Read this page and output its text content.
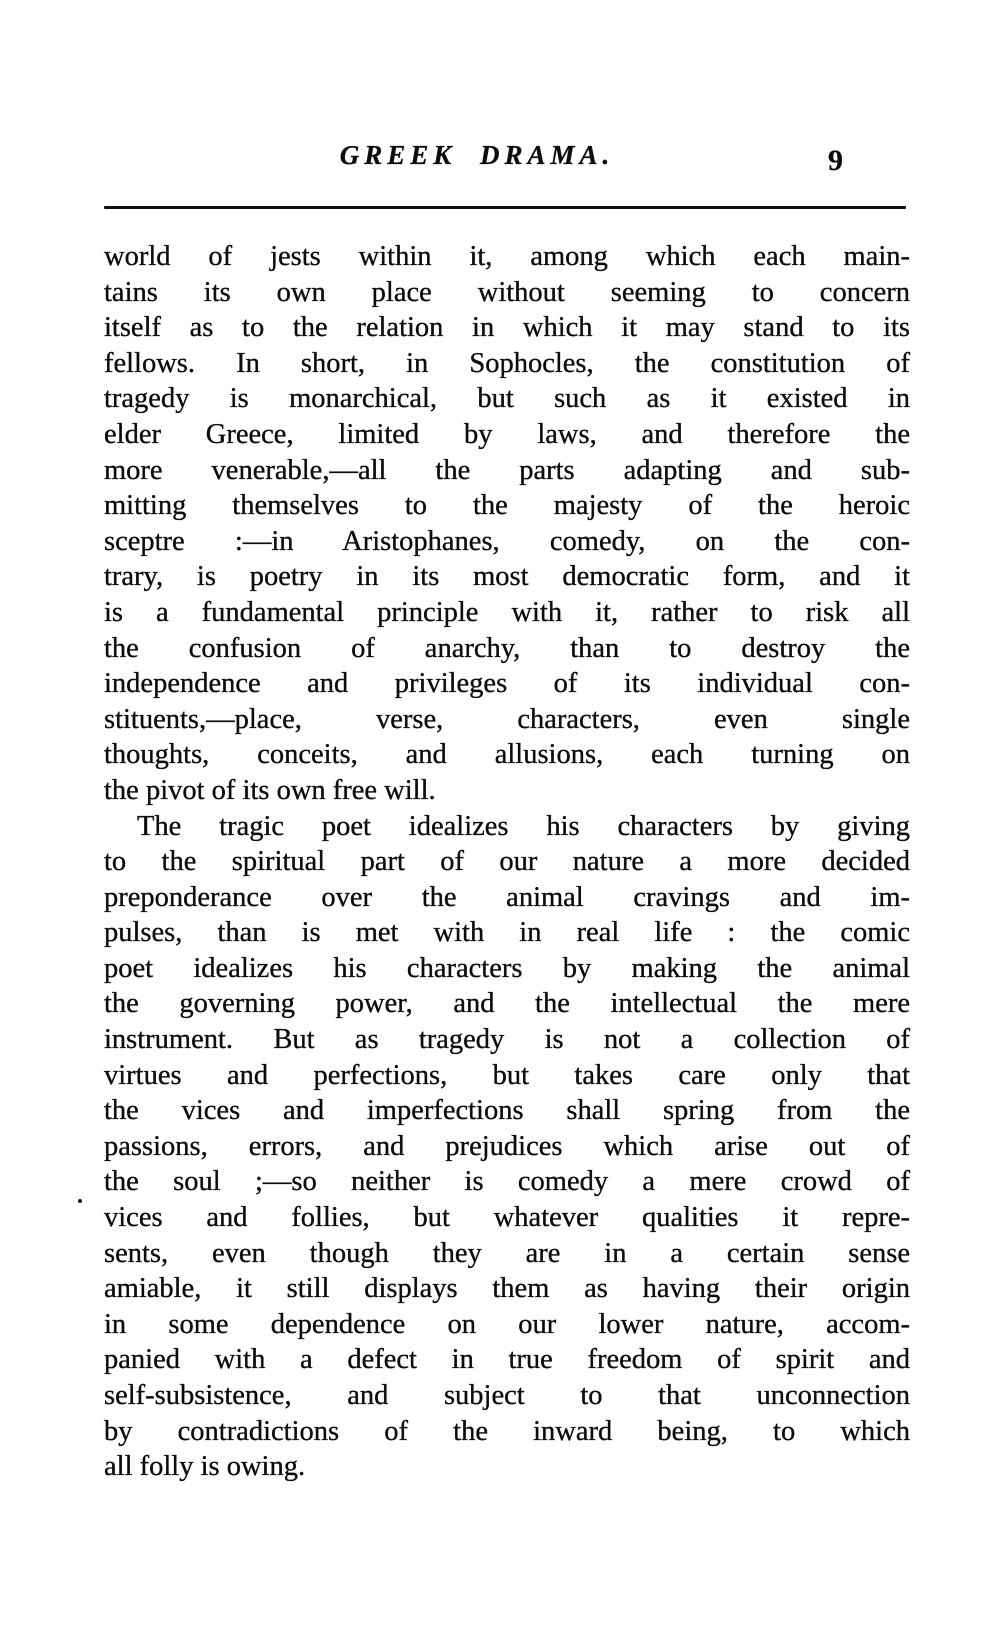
GREEK DRAMA.	9
world of jests within it, among which each main-
tains its own place without seeming to concern
itself as to the relation in which it may stand to its
fellows. In short, in Sophocles, the constitution of
tragedy is monarchical, but such as it existed in
elder Greece, limited by laws, and therefore the
more venerable,—all the parts adapting and sub-
mitting themselves to the majesty of the heroic
sceptre :—in Aristophanes, comedy, on the con-
trary, is poetry in its most democratic form, and it
is a fundamental principle with it, rather to risk all
the confusion of anarchy, than to destroy the
independence and privileges of its individual con-
stituents,—place, verse, characters, even single
thoughts, conceits, and allusions, each turning on
the pivot of its own free will.
The tragic poet idealizes his characters by giving
to the spiritual part of our nature a more decided
preponderance over the animal cravings and im-
pulses, than is met with in real life : the comic
poet idealizes his characters by making the animal
the governing power, and the intellectual the mere
instrument. But as tragedy is not a collection of
virtues and perfections, but takes care only that
the vices and imperfections shall spring from the
passions, errors, and prejudices which arise out of
the soul ;—so neither is comedy a mere crowd of
vices and follies, but whatever qualities it repre-
sents, even though they are in a certain sense
amiable, it still displays them as having their origin
in some dependence on our lower nature, accom-
panied with a defect in true freedom of spirit and
self-subsistence, and subject to that unconnection
by contradictions of the inward being, to which
all folly is owing.
